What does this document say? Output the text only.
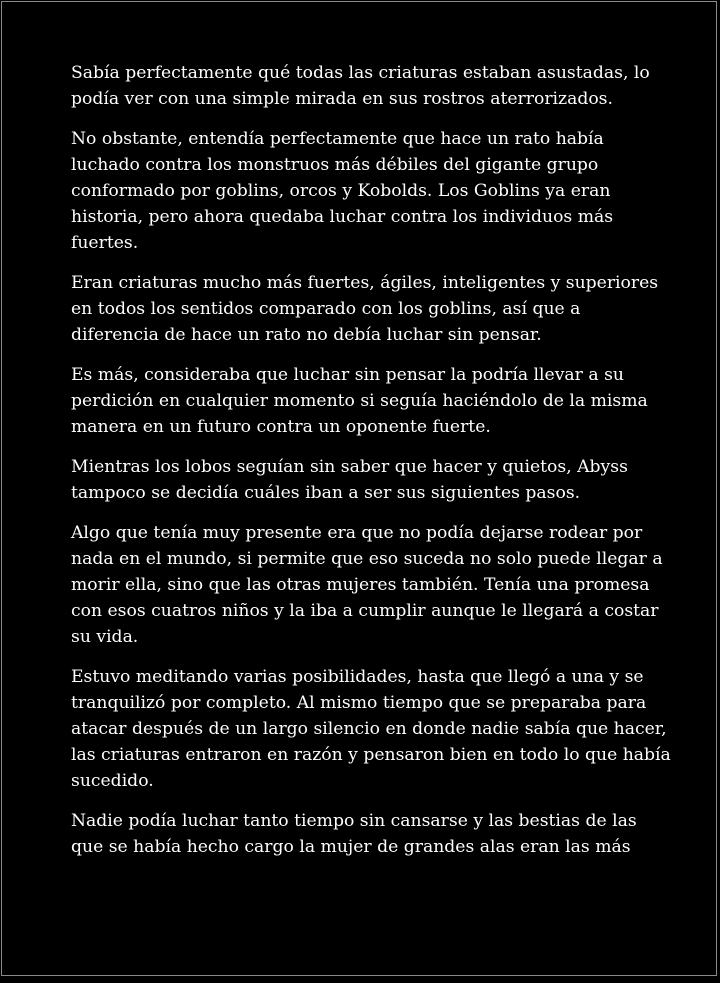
Sabía perfectamente qué todas las criaturas estaban asustadas, lo podía ver con una simple mirada en sus rostros aterrorizados.

No obstante, entendía perfectamente que hace un rato había luchado contra los monstruos más débiles del gigante grupo conformado por goblins, orcos y Kobolds. Los Goblins ya eran historia, pero ahora quedaba luchar contra los individuos más fuertes.

Eran criaturas mucho más fuertes, ágiles, inteligentes y superiores en todos los sentidos comparado con los goblins, así que a diferencia de hace un rato no debía luchar sin pensar.

Es más, consideraba que luchar sin pensar la podría llevar a su perdición en cualquier momento si seguía haciéndolo de la misma manera en un futuro contra un oponente fuerte.

Mientras los lobos seguían sin saber que hacer y quietos, Abyss tampoco se decidía cuáles iban a ser sus siguientes pasos.

Algo que tenía muy presente era que no podía dejarse rodear por nada en el mundo, si permite que eso suceda no solo puede llegar a morir ella, sino que las otras mujeres también. Tenía una promesa con esos cuatros niños y la iba a cumplir aunque le llegará a costar su vida.

Estuvo meditando varias posibilidades, hasta que llegó a una y se tranquilizó por completo. Al mismo tiempo que se preparaba para atacar después de un largo silencio en donde nadie sabía que hacer, las criaturas entraron en razón y pensaron bien en todo lo que había sucedido.

Nadie podía luchar tanto tiempo sin cansarse y las bestias de las que se había hecho cargo la mujer de grandes alas eran las más
